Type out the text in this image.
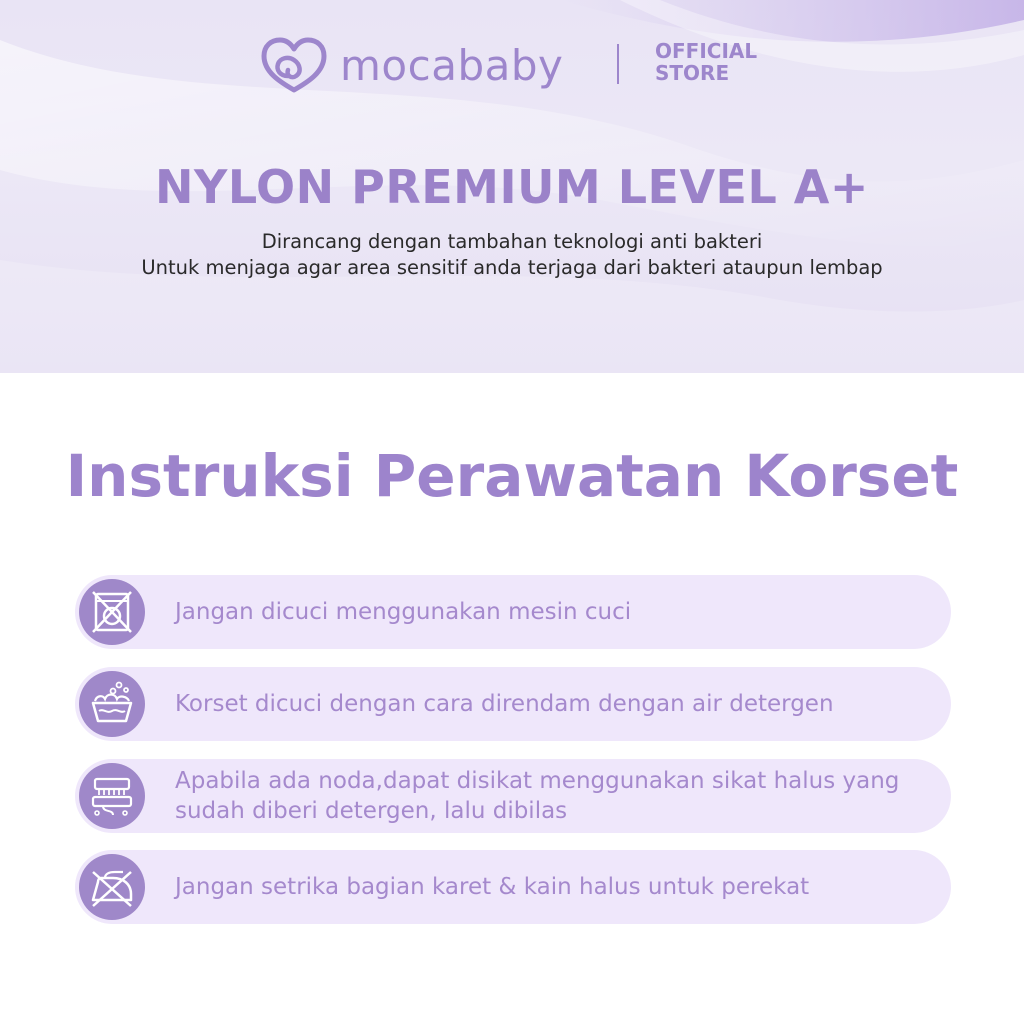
mocababy	OFFICIAL
STORE
NYLON PREMIUM LEVEL A+
Dirancang dengan tambahan teknologi anti bakteri
Untuk menjaga agar area sensitif anda terjaga dari bakteri ataupun lembap
Instruksi Perawatan Korset
Jangan dicuci menggunakan mesin cuci
Korset dicuci dengan cara direndam dengan air detergen
Apabila ada noda,dapat disikat menggunakan sikat halus yang
sudah diberi detergen, lalu dibilas
Jangan setrika bagian karet & kain halus untuk perekat
